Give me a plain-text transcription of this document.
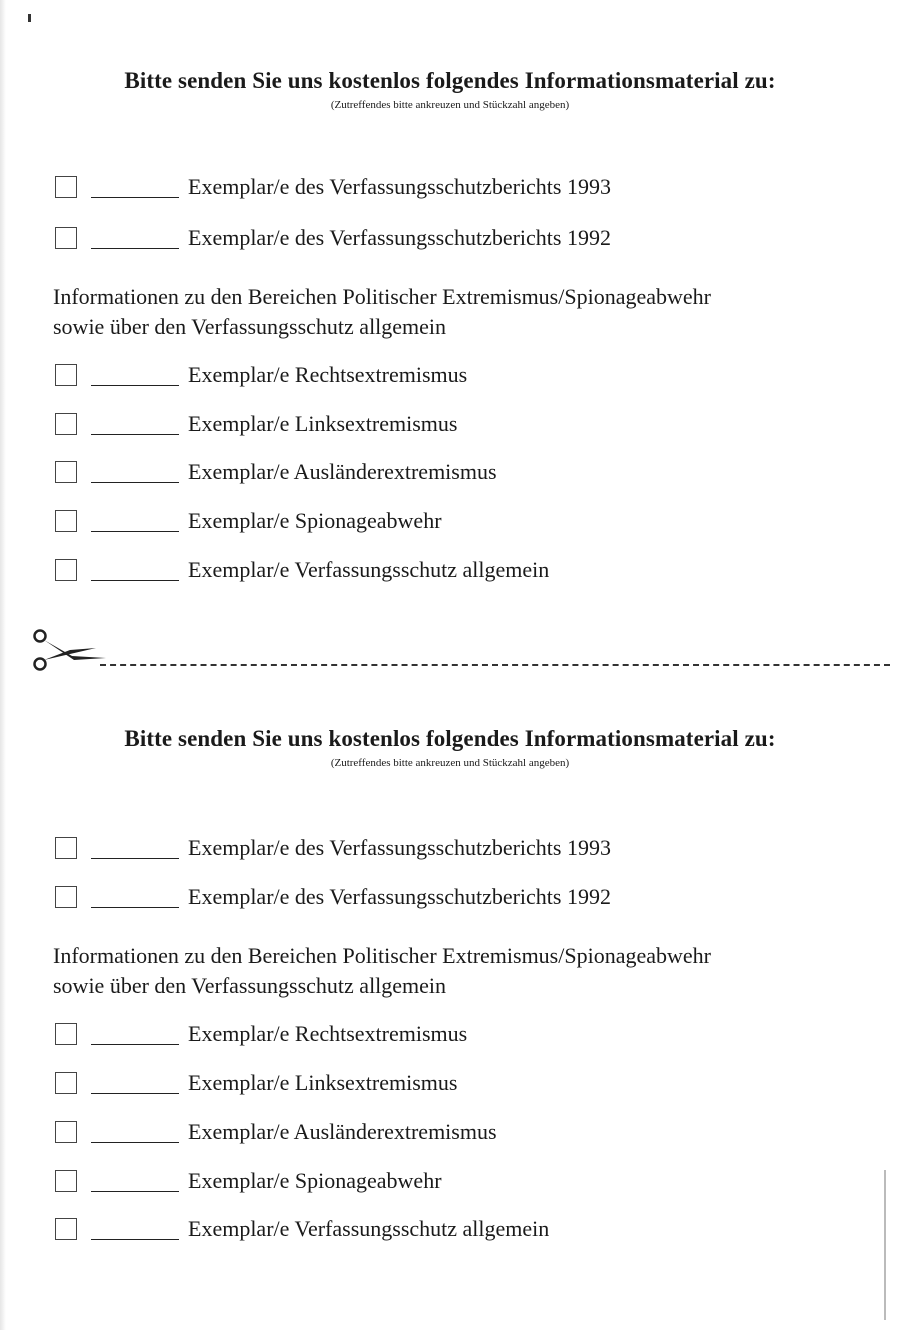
Bitte senden Sie uns kostenlos folgendes Informationsmaterial zu:
(Zutreffendes bitte ankreuzen und Stückzahl angeben)
Exemplar/e des Verfassungsschutzberichts 1993
Exemplar/e des Verfassungsschutzberichts 1992
Informationen zu den Bereichen Politischer Extremismus/Spionageabwehr
sowie über den Verfassungsschutz allgemein
Exemplar/e Rechtsextremismus
Exemplar/e Linksextremismus
Exemplar/e Ausländerextremismus
Exemplar/e Spionageabwehr
Exemplar/e Verfassungsschutz allgemein
Bitte senden Sie uns kostenlos folgendes Informationsmaterial zu:
(Zutreffendes bitte ankreuzen und Stückzahl angeben)
Exemplar/e des Verfassungsschutzberichts 1993
Exemplar/e des Verfassungsschutzberichts 1992
Informationen zu den Bereichen Politischer Extremismus/Spionageabwehr
sowie über den Verfassungsschutz allgemein
Exemplar/e Rechtsextremismus
Exemplar/e Linksextremismus
Exemplar/e Ausländerextremismus
Exemplar/e Spionageabwehr
Exemplar/e Verfassungsschutz allgemein
